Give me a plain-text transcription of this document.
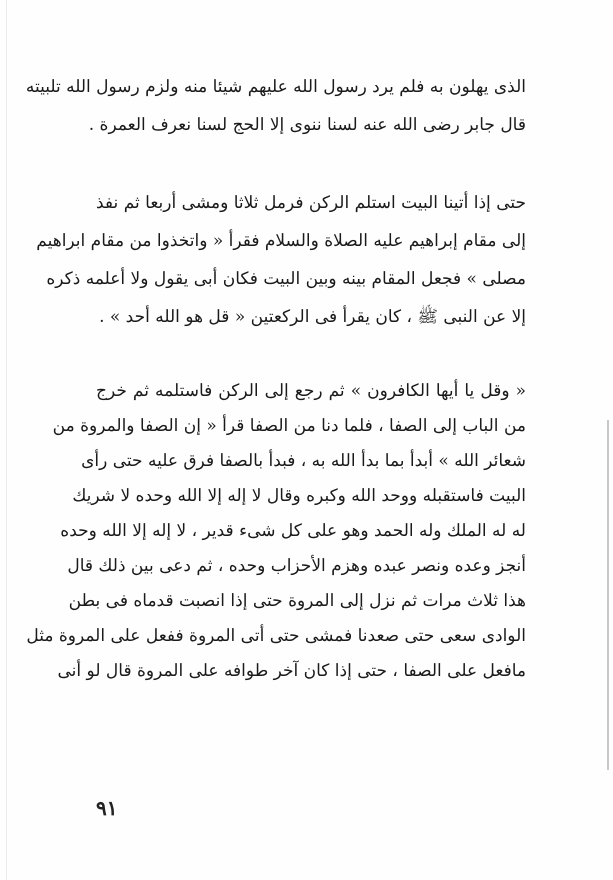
الذى يهلون به فلم يرد رسول الله عليهم شيئا منه ولزم رسول الله تلبيته
قال جابر رضى الله عنه لسنا ننوى إلا الحج لسنا نعرف العمرة .
حتى إذا أتينا البيت استلم الركن فرمل ثلاثا ومشى أربعا ثم نفذ
إلى مقام إبراهيم عليه الصلاة والسلام فقرأ « واتخذوا من مقام ابراهيم
مصلى » فجعل المقام بينه وبين البيت فكان أبى يقول ولا أعلمه ذكره
إلا عن النبى ﷺ ، كان يقرأ فى الركعتين « قل هو الله أحد » .
« وقل يا أيها الكافرون » ثم رجع إلى الركن فاستلمه ثم خرج
من الباب إلى الصفا ، فلما دنا من الصفا قرأ « إن الصفا والمروة من
شعائر الله » أبدأ بما بدأ الله به ، فبدأ بالصفا فرق عليه حتى رأى
البيت فاستقبله ووحد الله وكبره وقال لا إله إلا الله وحده لا شريك
له له الملك وله الحمد وهو على كل شىء قدير ، لا إله إلا الله وحده
أنجز وعده ونصر عبده وهزم الأحزاب وحده ، ثم دعى بين ذلك قال
هذا ثلاث مرات ثم نزل إلى المروة حتى إذا انصبت قدماه فى بطن
الوادى سعى حتى صعدنا فمشى حتى أتى المروة ففعل على المروة مثل
مافعل على الصفا ، حتى إذا كان آخر طوافه على المروة قال لو أنى
٩١
